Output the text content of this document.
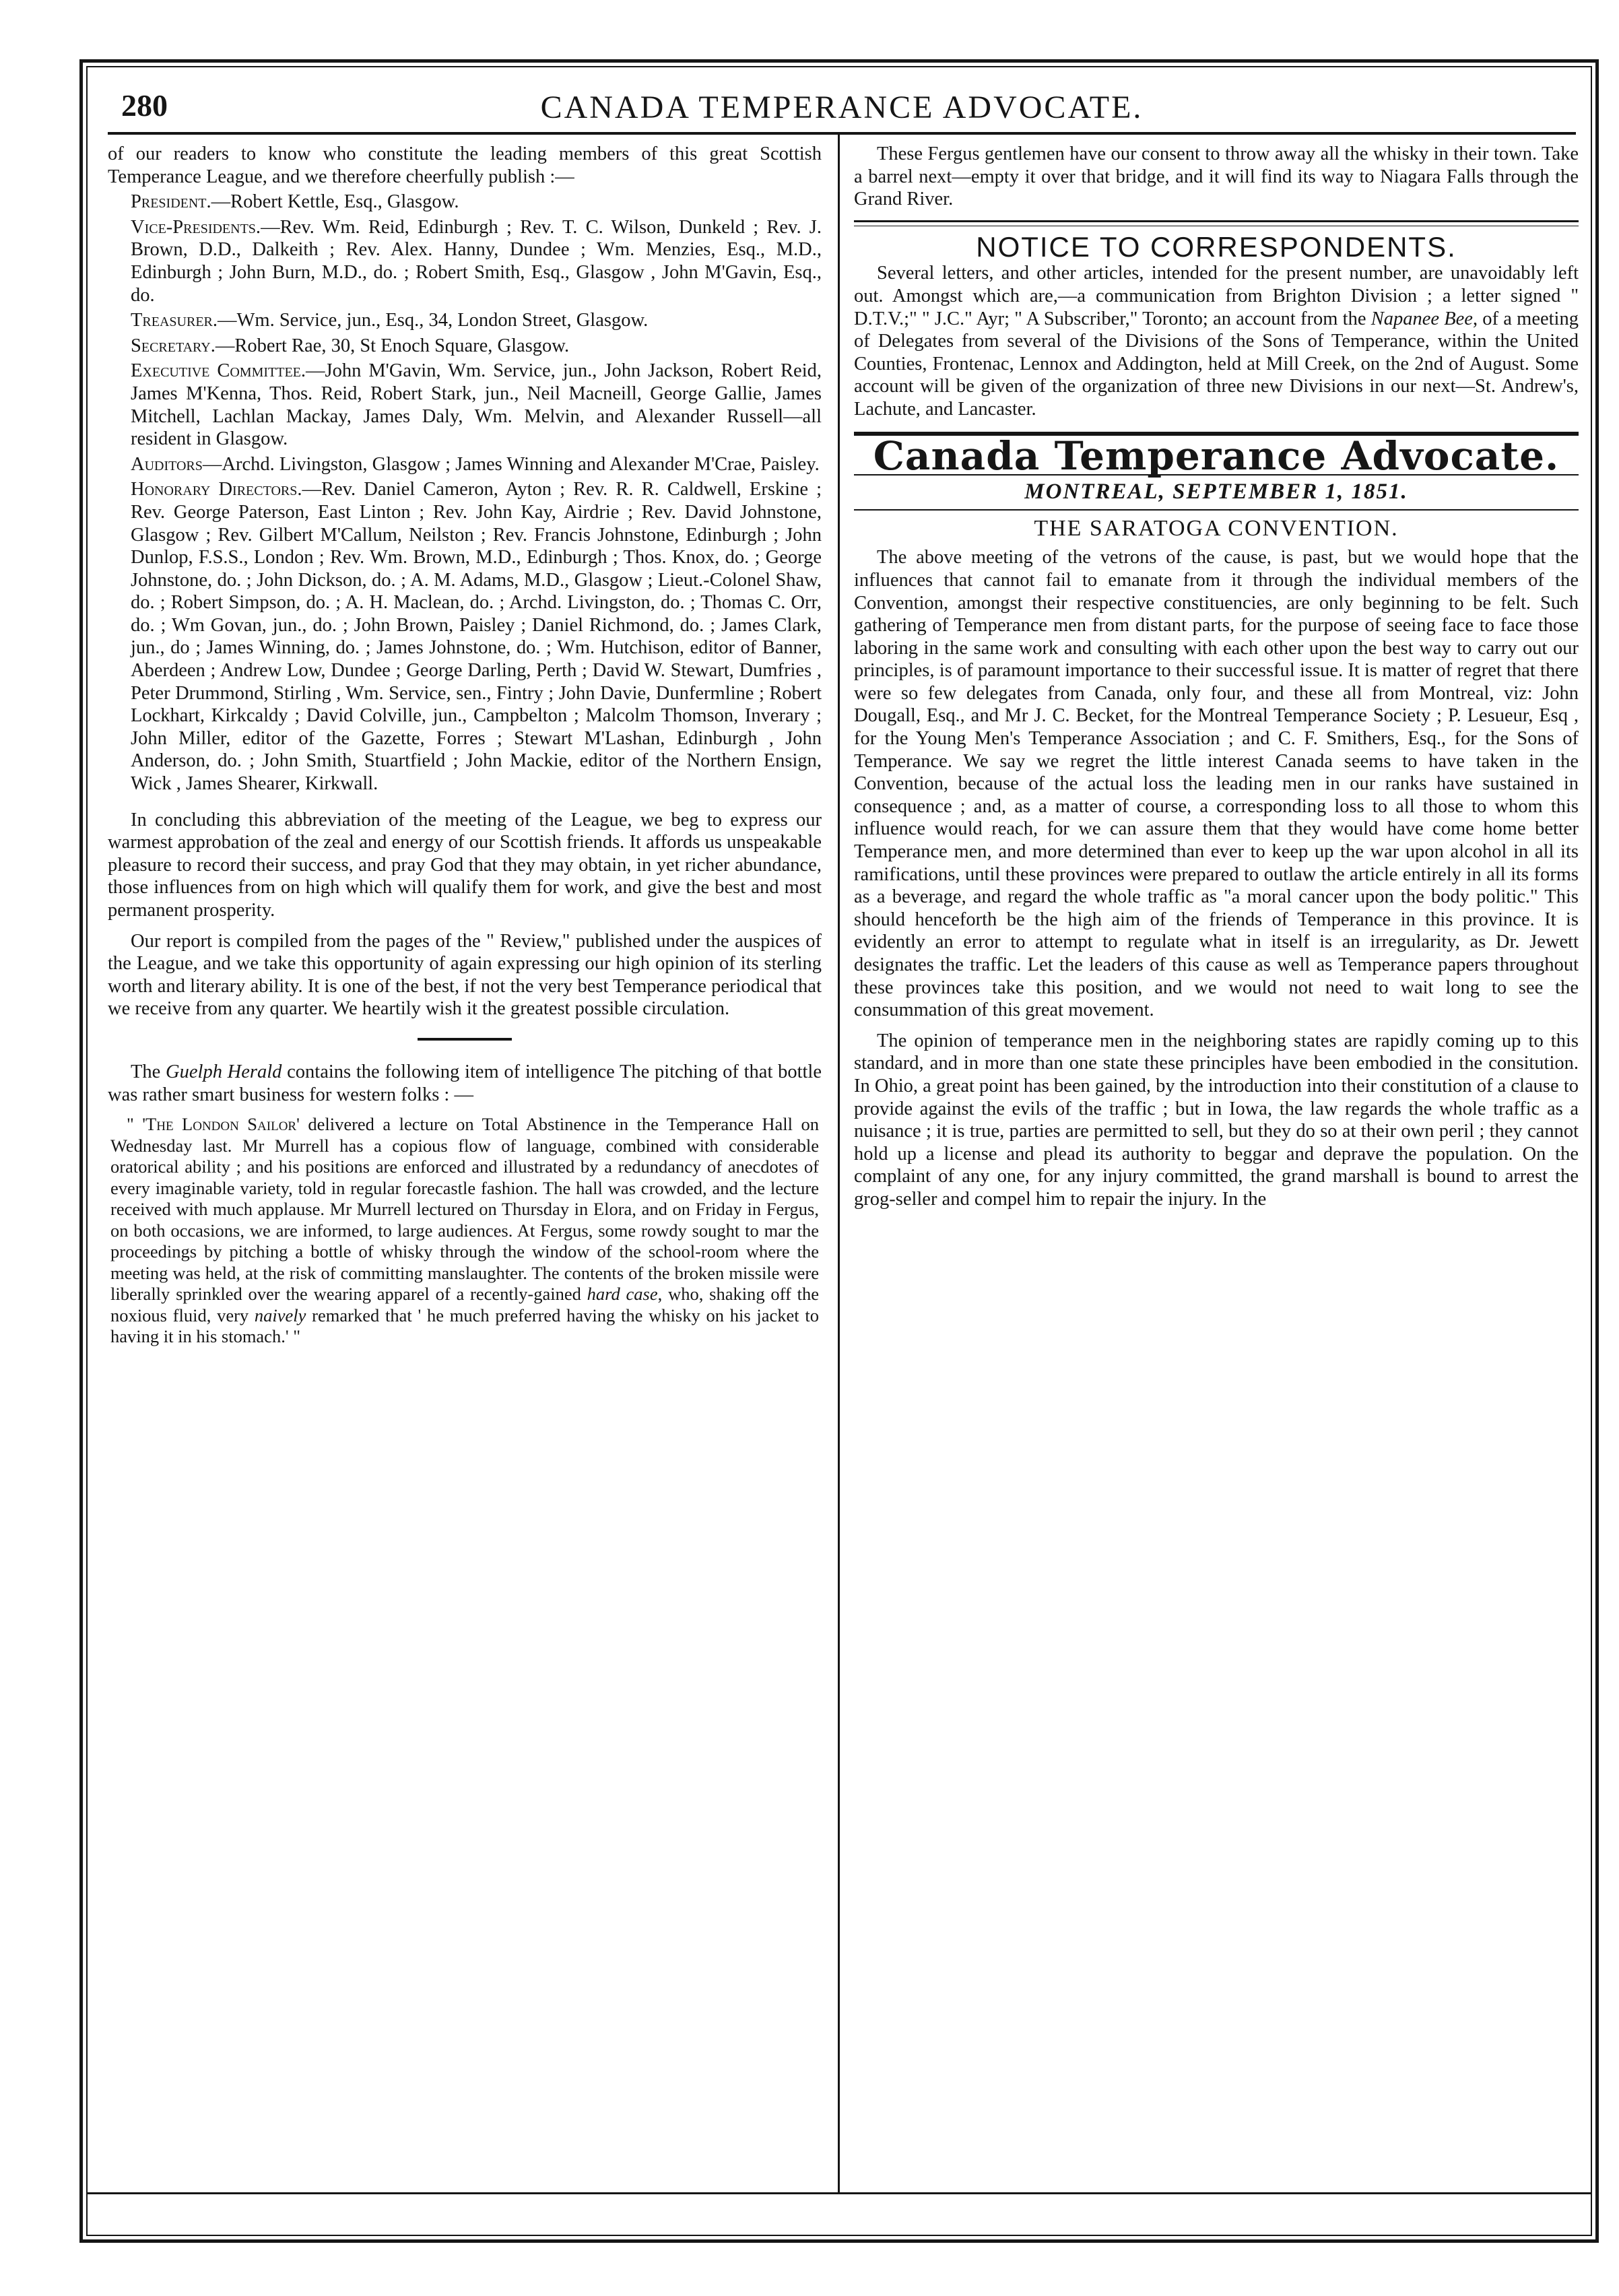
280	CANADA TEMPERANCE ADVOCATE.

of our readers to know who constitute the leading members of this great Scottish Temperance League, and we therefore cheerfully publish :—

President.—Robert Kettle, Esq., Glasgow.

Vice-Presidents.—Rev. Wm. Reid, Edinburgh ; Rev. T. C. Wilson, Dunkeld ; Rev. J. Brown, D.D., Dalkeith ; Rev. Alex. Hanny, Dundee ; Wm. Menzies, Esq., M.D., Edinburgh ; John Burn, M.D., do. ; Robert Smith, Esq., Glasgow , John M'Gavin, Esq., do.

Treasurer.—Wm. Service, jun., Esq., 34, London Street, Glasgow.

Secretary.—Robert Rae, 30, St Enoch Square, Glasgow.

Executive Committee.—John M'Gavin, Wm. Service, jun., John Jackson, Robert Reid, James M'Kenna, Thos. Reid, Robert Stark, jun., Neil Macneill, George Gallie, James Mitchell, Lachlan Mackay, James Daly, Wm. Melvin, and Alexander Russell—all resident in Glasgow.

Auditors—Archd. Livingston, Glasgow ; James Winning and Alexander M'Crae, Paisley.

Honorary Directors.—Rev. Daniel Cameron, Ayton ; Rev. R. R. Caldwell, Erskine ; Rev. George Paterson, East Linton ; Rev. John Kay, Airdrie ; Rev. David Johnstone, Glasgow ; Rev. Gilbert M'Callum, Neilston ; Rev. Francis Johnstone, Edinburgh ; John Dunlop, F.S.S., London ; Rev. Wm. Brown, M.D., Edinburgh ; Thos. Knox, do. ; George Johnstone, do. ; John Dickson, do. ; A. M. Adams, M.D., Glasgow ; Lieut.-Colonel Shaw, do. ; Robert Simpson, do. ; A. H. Maclean, do. ; Archd. Livingston, do. ; Thomas C. Orr, do. ; Wm Govan, jun., do. ; John Brown, Paisley ; Daniel Richmond, do. ; James Clark, jun., do ; James Winning, do. ; James Johnstone, do. ; Wm. Hutchison, editor of Banner, Aberdeen ; Andrew Low, Dundee ; George Darling, Perth ; David W. Stewart, Dumfries , Peter Drummond, Stirling , Wm. Service, sen., Fintry ; John Davie, Dunfermline ; Robert Lockhart, Kirkcaldy ; David Colville, jun., Campbelton ; Malcolm Thomson, Inverary ; John Miller, editor of the Gazette, Forres ; Stewart M'Lashan, Edinburgh , John Anderson, do. ; John Smith, Stuartfield ; John Mackie, editor of the Northern Ensign, Wick , James Shearer, Kirkwall.

In concluding this abbreviation of the meeting of the League, we beg to express our warmest approbation of the zeal and energy of our Scottish friends. It affords us unspeakable pleasure to record their success, and pray God that they may obtain, in yet richer abundance, those influences from on high which will qualify them for work, and give the best and most permanent prosperity.

Our report is compiled from the pages of the " Review," published under the auspices of the League, and we take this opportunity of again expressing our high opinion of its sterling worth and literary ability. It is one of the best, if not the very best Temperance periodical that we receive from any quarter. We heartily wish it the greatest possible circulation.

The Guelph Herald contains the following item of intelligence The pitching of that bottle was rather smart business for western folks : —

" 'The London Sailor' delivered a lecture on Total Abstinence in the Temperance Hall on Wednesday last. Mr Murrell has a copious flow of language, combined with considerable oratorical ability ; and his positions are enforced and illustrated by a redundancy of anecdotes of every imaginable variety, told in regular forecastle fashion. The hall was crowded, and the lecture received with much applause. Mr Murrell lectured on Thursday in Elora, and on Friday in Fergus, on both occasions, we are informed, to large audiences. At Fergus, some rowdy sought to mar the proceedings by pitching a bottle of whisky through the window of the school-room where the meeting was held, at the risk of committing manslaughter. The contents of the broken missile were liberally sprinkled over the wearing apparel of a recently-gained hard case, who, shaking off the noxious fluid, very naively remarked that ' he much preferred having the whisky on his jacket to having it in his stomach.' "

These Fergus gentlemen have our consent to throw away all the whisky in their town. Take a barrel next—empty it over that bridge, and it will find its way to Niagara Falls through the Grand River.

NOTICE TO CORRESPONDENTS.

Several letters, and other articles, intended for the present number, are unavoidably left out. Amongst which are,—a communication from Brighton Division ; a letter signed " D.T.V.;" " J.C." Ayr; " A Subscriber," Toronto; an account from the Napanee Bee, of a meeting of Delegates from several of the Divisions of the Sons of Temperance, within the United Counties, Frontenac, Lennox and Addington, held at Mill Creek, on the 2nd of August. Some account will be given of the organization of three new Divisions in our next—St. Andrew's, Lachute, and Lancaster.

Canada Temperance Advocate.
MONTREAL, SEPTEMBER 1, 1851.
THE SARATOGA CONVENTION.

The above meeting of the vetrons of the cause, is past, but we would hope that the influences that cannot fail to emanate from it through the individual members of the Convention, amongst their respective constituencies, are only beginning to be felt. Such gathering of Temperance men from distant parts, for the purpose of seeing face to face those laboring in the same work and consulting with each other upon the best way to carry out our principles, is of paramount importance to their successful issue. It is matter of regret that there were so few delegates from Canada, only four, and these all from Montreal, viz: John Dougall, Esq., and Mr J. C. Becket, for the Montreal Temperance Society ; P. Lesueur, Esq , for the Young Men's Temperance Association ; and C. F. Smithers, Esq., for the Sons of Temperance. We say we regret the little interest Canada seems to have taken in the Convention, because of the actual loss the leading men in our ranks have sustained in consequence ; and, as a matter of course, a corresponding loss to all those to whom this influence would reach, for we can assure them that they would have come home better Temperance men, and more determined than ever to keep up the war upon alcohol in all its ramifications, until these provinces were prepared to outlaw the article entirely in all its forms as a beverage, and regard the whole traffic as "a moral cancer upon the body politic." This should henceforth be the high aim of the friends of Temperance in this province. It is evidently an error to attempt to regulate what in itself is an irregularity, as Dr. Jewett designates the traffic. Let the leaders of this cause as well as Temperance papers throughout these provinces take this position, and we would not need to wait long to see the consummation of this great movement.

The opinion of temperance men in the neighboring states are rapidly coming up to this standard, and in more than one state these principles have been embodied in the consitution. In Ohio, a great point has been gained, by the introduction into their constitution of a clause to provide against the evils of the traffic ; but in Iowa, the law regards the whole traffic as a nuisance ; it is true, parties are permitted to sell, but they do so at their own peril ; they cannot hold up a license and plead its authority to beggar and deprave the population. On the complaint of any one, for any injury committed, the grand marshall is bound to arrest the grog-seller and compel him to repair the injury. In the
